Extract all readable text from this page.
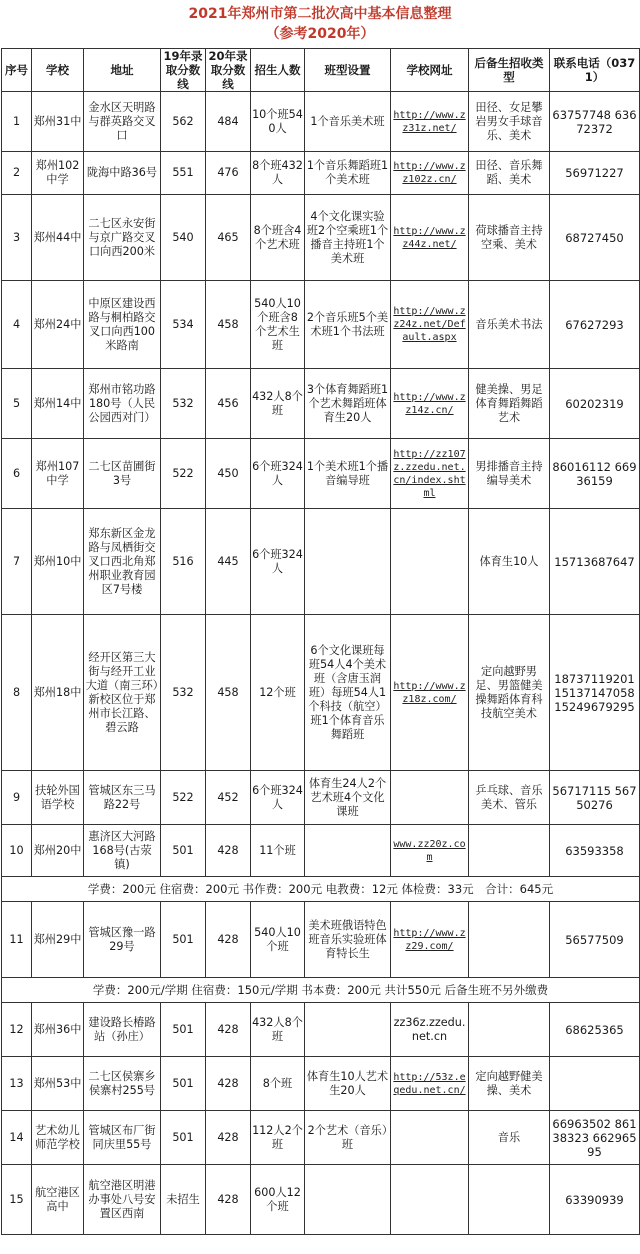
2021年郑州市第二批次高中基本信息整理
（参考2020年）
序号	学校	地址	19年录取分数线	20年录取分数线	招生人数	班型设置	学校网址	后备生招收类型	联系电话（0371）
1	郑州31中	金水区天明路与群英路交叉口	562	484	10个班540人	1个音乐美术班	http://www.zz31z.net/	田径、女足攀岩男女手球音乐、美术	63757748 63672372
2	郑州102中学	陇海中路36号	551	476	8个班432人	1个音乐舞蹈班1个美术班	http://www.zz102z.cn/	田径、音乐舞蹈、美术	56971227
3	郑州44中	二七区永安街与京广路交叉口向西200米	540	465	8个班含4个艺术班	4个文化课实验班2个空乘班1个播音主持班1个美术班	http://www.zz44z.net/	荷球播音主持空乘、美术	68727450
4	郑州24中	中原区建设西路与桐柏路交叉口向西100米路南	534	458	540人10个班含8个艺术生班	2个音乐班5个美术班1个书法班	http://www.zz24z.net/Default.aspx	音乐美术书法	67627293
5	郑州14中	郑州市铭功路180号（人民公园西对门）	532	456	432人8个班	3个体育舞蹈班1个艺术舞蹈班体育生20人	http://www.zz14z.cn/	健美操、男足体育舞蹈舞蹈艺术	60202319
6	郑州107中学	二七区苗圃街3号	522	450	6个班324人	1个美术班1个播音编导班	http://zz107z.zzedu.net.cn/index.shtml	男排播音主持编导美术	86016112 66936159
7	郑州10中	郑东新区金龙路与凤栖街交叉口西北角郑州职业教育园区7号楼	516	445	6个班324人			体育生10人	15713687647
8	郑州18中	经开区第三大街与经开工业大道（南三环）新校区位于郑州市长江路、碧云路	532	458	12个班	6个文化课班每班54人4个美术班（含唐玉润班）每班54人1个科技（航空）班1个体育音乐舞蹈班	http://www.zz18z.com/	定向越野男足、男篮健美操舞蹈体育科技航空美术	18737119201 15137147058 15249679295
9	扶轮外国语学校	管城区东三马路22号	522	452	6个班324人	体育生24人2个艺术班4个文化课班		乒乓球、音乐美术、管乐	56717115 56750276
10	郑州20中	惠济区大河路168号(古荥镇)	501	428	11个班		www.zz20z.com		63593358
学费：200元 住宿费：200元 书作费：200元 电教费：12元 体检费：33元　合计：645元									
11	郑州29中	管城区豫一路29号	501	428	540人10个班	美术班俄语特色班音乐实验班体育特长生	http://www.zz29.com/		56577509
学费：200元/学期 住宿费：150元/学期 书本费：200元 共计550元 后备生班不另外缴费									
12	郑州36中	建设路长椿路站（孙庄）	501	428	432人8个班		zz36z.zzedu.net.cn		68625365
13	郑州53中	二七区侯寨乡侯寨村255号	501	428	8个班	体育生10人艺术生20人	http://53z.eqedu.net.cn/	定向越野健美操、美术	
14	艺术幼儿师范学校	管城区布厂街同庆里55号	501	428	112人2个班	2个艺术（音乐）班		音乐	66963502 86138323 66296595
15	航空港区高中	航空港区明港办事处八号安置区西南	未招生	428	600人12个班				63390939
